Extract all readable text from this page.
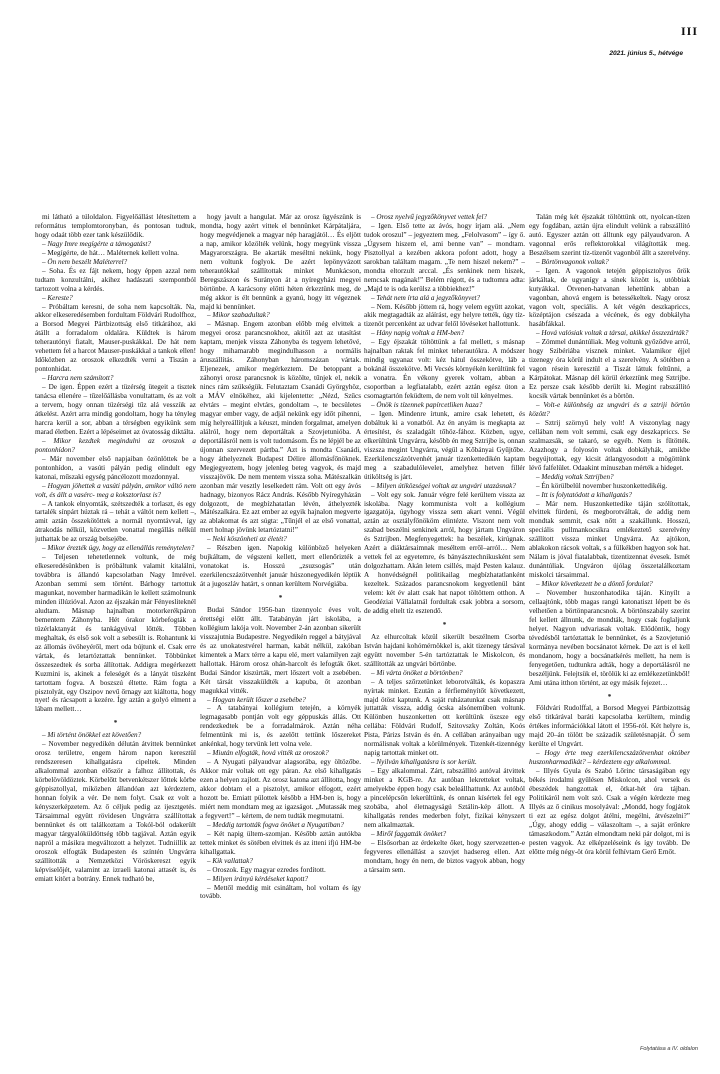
III
2021. június 5., hétvége

mi látható a túloldalon. Figyelőállást létesítettem a református templomtoronyban, és pontosan tudtuk, hogy odaát több ezer tank készülődik.

– Nagy Imre megígérte a támogatást?

– Megígérte, de hát… Maléternek kellett volna.

– Ön nem beszélt Maléterrel?

– Soha. És ez fájt nekem, hogy éppen azzal nem tudtam konzultálni, akihez hadászati szempontból tartozott volna a kérdés.

– Kereste?

– Próbáltam keresni, de soha nem kapcsolták. Na, akkor elkeseredésemben fordultam Földvári Rudolfhoz, a Borsod Megyei Pártbizottság első titkárához, aki átállt a forradalom oldalára. Küldtek is három teherautónyi fiatalt, Mauser-puskákkal. De hát nem vehettem fel a harcot Mauser-puskákkal a tankok ellen! Időközben az oroszok elkezdték verni a Tiszán a pontonhidat.

– Harcra nem számított?

– De igen. Éppen ezért a tüzérség ütegeit a tisztek tanácsa ellenére – tűzelőállásba vonultattam, és az volt a tervem, hogy onnan tüzérségi tűz alá vesszük az átkelést. Azért arra mindig gondoltam, hogy ha tényleg harcra kerül a sor, abban a térségben egyikünk sem marad életben. Ezért a lépéseimet az óvatosság diktálta.

– Mikor kezdtek megindulni az oroszok a pontonhídon?

– Már november első napjaiban özönlöttek be a pontonhídon, a vasúti pályán pedig elindult egy katonai, műszaki egység páncélozott mozdonnyal.

– Hogyan jöhettek a vasúti pályán, amikor váltó nem volt, és állt a vasérc- meg a koksztorlasz is?

– A tankok elnyomták, szétszedték a torlaszt, és egy tartalék sínpárt húztak rá – tehát a váltót nem kellett –, amit aztán összekötöttek a normál nyomtávval, így átrakodás nélkül, közvetlen vonattal megállás nélkül juthattak be az ország belsejébe.

– Mikor érezték úgy, hogy az ellenállás reménytelen?

– Teljesen tehetetlennek voltunk, de még elkeseredésünkben is próbáltunk valamit kitalálni, továbbra is állandó kapcsolatban Nagy Imrével. Azonban semmi sem történt. Bárhogy tartottuk magunkat, november harmadikán le kellett számolnunk minden illúzióval. Azon az éjszakán már Fényesliteknél aludtam. Másnap hajnalban motorkerékpáron bementem Záhonyba. Hét órakor körbefogták a tüzérlaktanyát és tankágyúval lőtték. Többen meghaltak, és első sok volt a sebesült is. Rohantunk ki az állomás övöheyéről, mert oda bújtunk el. Csak erre vártak, és letartóztattak bennünket. Többünket összeszedtek és sorba állítottak. Addigra megérkezett Kuzmini is, akinek a feleségét és a lányát tüszként tartottam fogva. A boszszú éltette. Rám fogta a pisztolyát, egy Oszipov nevű őrnagy azt kiáltotta, hogy nyet! és rácsapott a kezére. Így aztán a golyó elment a lábam mellett…

*

– Mi történt önökkel ezt követően?

– November negyedikén délután átvittek bennünket orosz területre, engem három napon keresztül rendszeresen kihallgatásra cipeltek. Minden alkalommal azonban először a falhoz állítottak, és körbelövöldöztek. Körbelőtt betvenkétszer lőttek körbe géppisztollyal, miközben állandóan azt kérdeztem, honnan folyik a vér. De nem folyt. Csak ez volt a kényszerképzetem. Az ő céljuk pedig az ijesztgetés. Társaimmal együtt rövidesen Ungvárra szállítottak bennünket és ott találkoztam a Tokól-ból odakerült magyar tárgyalóküldöttség tőbb tagjával. Aztán egyik napról a másikra megváltozott a helyzet. Tudniillik az oroszok elfogták Budapesten és színtén Ungvárra szállították a Nemzetközi Vöröskereszt egyik képviselőjét, valamint az izraeli katonai attasét is, és emiatt kitört a botrány. Ennek tudható be,

hogy javult a hangulat. Már az orosz ügyészünk is mondta, hogy azért vittek el bennünket Kárpátaljára, hogy megvédjenek a magyar nép haragjától… És eljött a nap, amikor közölték velünk, hogy megyünk vissza Magyarországra. Be akarták meséltni nekünk, hogy nem voltunk foglyok. De azért lepönyvázott teherautókkal szállítottak minket Munkácson, Beregszászon és Surányon át a nyíregyházi megyei börtönbe. A karácsony előtti héten érkeztünk meg, de még akkor is élt bennünk a gyanú, hogy itt végeznek majd ki bennünket.

– Mikor szabadultak?

– Másnap. Engem azonban előbb még elvittek a megyei orosz parancsnokhoz, akitől azt az utasítást kaptam, menjek vissza Záhonyba és tegyem lehetővé, hogy mihamarabb megindulhasson a normális áruszállítás. Záhonyban háromszázan vártak. Eljenezek, amikor megérkeztem. De betoppant a záhonyi orosz parancsnok is közölte, tűnjek el, nekik nincs rám szükségük. Felutaztam Csanádi Györgyhöz, a MÁV elnökéhez, aki kijelentette: „Nézd, Szűcs elvtárs – megint elvtárs, gondoltam –, te becsületes magyar ember vagy, de adjál nekünk egy időt pihenni, míg helyreállítjuk a kéuszt, minden forgalmat, amelyen alálról, hogy nem deportáltak a Szovjetunióba. A deportálásról nem is volt tudomásom. És ne lépjél be az újonnan szervezett pártba.” Azt is mondta Csanádi, hogy áthelyeznek Budapest Délire állomásfőnöknek. Megjegyeztem, hogy jelenleg beteg vagyok, és majd visszajövök. De nem mentem vissza soha. Mátészalkán azonban már vesztly leselkedett rám. Volt ott egy ávós hadnagy, bizonyos Rácz András. Később Nyíregyházán dolgozott, de megbízhatatlan lévén, áthelyezték Mátészalkára. Ez azt ember az egyik hajnalon megverte az ablakomat és azt súgta: „Tűnjél el az első vonattal, mert holnap jövünk letartóztatni!”

– Neki köszönheti az életét?

– Részben igen. Napokig különböző helyeken bujkáltam, de végszeni kellett, mert ellenőrizték a vonatokat is. Hosszú „zsuzsogás” után ezerkilencszázötvenhét január húszonegyedikén léptük át a jugoszláv határt, s onnan kerültem Norvégiába.

*

Budai Sándor 1956-ban tizennyolc éves volt, érettségi előtt állt. Tatabányán járt iskolába, a kollégium lakója volt. November 2-án azonban sikerült visszajutnia Budapestre. Negyedikén reggel a bátyjával és az unokatestvérel harman, kabát nélkül, zakóban kimentek a Marx térre a kapu elé, mert valamilyen zajt hallottak. Három orosz ohán-harcolt és lefogták őket. Budai Sándor kiszúrták, mert lőszert volt a zsebében. Két társát visszaküldték a kapuba, őt azonban magukkal vitték.

– Hogyan került lőszer a zsebébe?

– A tatabányai kollégium tetején, a környék legmagasabb pontján volt egy géppuskás állás. Ott rendezkedtek be a forradalmárok. Aztán néha felmentünk mi is, és azelőtt tettünk lőszereket ankénkal, hogy tervünk lett volna vele.

– Miután elfogták, hová vitték az oroszok?

– A Nyugati pályaudvar alagsorába, egy öltözőbe. Akkor már voltak ott egy páran. Az első kihallgatás ezen a helyen zajlott. Az orosz katona azt állította, hogy akkor dobtam el a pisztolyt, amikor elfogott, ezért hozott be. Emiatt pülottek később a HM-ben is, hogy miért nem mondtam meg az igazságot. „Mutassák meg a fegyvert!” – kértem, de nem tudták megmutatni.

– Meddig tartották fogva önöket a Nyugatiban?

– Két napig ültem-szomjan. Később aztán autókba tettek minket és sötében elvittek és az itteni ifjú HM-be kihallgattak.

– Kik vallattak?

– Oroszok. Egy magyar ezredes fordított.

– Milyen irányú kérdéseket kapott?

– Mettől meddig mit csináltam, hol voltam és így tovább.

– Orosz nyelvű jegyzőkönyvet vettek fel?

– Igen. Első tette az ávós, hogy írjam alá. „Nem tudok oroszul” – jegyeztem meg. „Felolvasom” – így ő. „Úgysem hiszem el, ami benne van” – mondtam. Pisztollyal a kezében akkora pofont adott, hogy a sarokban találtam magam. „Te nem hiszel nekem?” – mondta eltorzult arccal. „És senkinek nem hiszek, nemcsak magának!” Belém rúgott, és a tudtomra adta: „Majd te is oda kerülsz a többiekhez!”

– Tehát nem írta alá a jegyzőkönyvet?

– Nem. Később jöttem rá, hogy velem együtt azokat, akik megtagadták az aláírást, egy helyre tették, úgy tíz-tizenöt percenként az udvar felől lövéseket hallottunk.

– Hány napig voltak a HM-ben?

– Egy éjszakát töltöttünk a fal mellett, s másnap hajnalban raktak fel minket teherautókra. A módszer mindig ugyanaz volt: kéz hátul összekötve, láb a bokánál összekötve. Mi Vecsés környékén kerültünk fel a vonatra. Én vékony gyerek voltam, abban a csoportban a legfiatalabb, ezért aztán egész úton a csomagtartón feküdtem, de nem volt túl kényelmes.

– Önök is tízennek papírcetliken haza?

– Igen. Mindenre írtunk, amire csak lehetett, és dobáltuk ki a vonatból. Az én anyám is megkapta az értesítést, és szaladgált tőhöz-fához. Közben, ugye, elkerültünk Ungvárra, később én meg Sztrijbe is, onnan viszsza megint Ungvárra, végül a Kőbányai Gyűjtőbe. Ezerkilencszázötvenhét január tizenkettedikén kaptam meg a szabadulólevelet, amelyhez hetven fillér útiköltség is járt.

– Milyen útiközségei voltak az ungvári utazásnak?

– Volt egy sok. Január végre felé kerültem vissza az iskolába. Nagy kommunista volt a kollégium igazgatója, úgyhogy vissza sem akart venni. Végül aztán az osztályfőnököm elintézte. Viszont nem volt szabad beszélni senkinek arról, hogy jártam Ungváron és Sztrijben. Megfenyegettek: ha beszélek, kirúgnak. Azért a diáktársaimnak meséltem erről–arról… Nem vettek fel az egyetemre, és bányásztechnikusként sem dolgozhattam. Akán letem csillés, majd Pesten kalauz. A honvédségnél politikailag megbízhatatlanként kezeltek. Százados parancsnokom kegyetlenül bánt velem: két év alatt csak hat napot töltöttem otthon. A Geodéziai Vállalatnál fordultak csak jobbra a sorsom, de addig eltelt tíz esztendő.

*

Az elhurcoltak közül sikerült beszélnem Csorba István hajdani kohómérnökkel is, akit tizenegy társával együtt november 5-én tartóztattak le Miskolcon, és szállították az ungvári börtönbe.

– Mi várta önöket a börtönben?

– A teljes szőrzetünket leborotválták, és kopaszra nyírtak minket. Ezután a férfieményítőt következett, majd ötöst kaptunk. A saját ruházatunkat csak másnap juttatták vissza, addig ócska alsóneműben voltunk. Különben huszonketten ott kerültünk öszsze egy cellába: Földvári Rudolf, Szitovszky Zoltán, Koós Pista, Párizs István és én. A cellában arányaiban ugy normálisnak voltak a körülmények. Tizenkét-tizennégy napig tartottak minket ott.

– Nyilván kihallgatásra is sor került.

– Egy alkalommal. Zárt, rabszállító autóval átvittek minket a KGB-re. Az autóban lekretteket voltak, amelyekbe éppen hogy csak beleállhattunk. Az autóból a pincelépcsőn lekerültünk, és onnan kísértek fel egy szobába, ahol életnagyságú Sztálin-kép állott. A kihallgatás rendes mederben folyt, fizikai kényszert nem alkalmaztak.

– Miről faggatták önöket?

– Elsősorban az érdekelte őket, hogy szervezetten-e fegyveres ellenállást a szovjet hadsereg ellen. Azt mondtam, hogy én nem, de biztos vagyok abban, hogy a társaim sem.

Talán még két éjszakát töltöttünk ott, nyolcan-tízen egy fogdában, aztán újra elindult velünk a rabszállító autó. Egyszer aztán ott álltunk egy pályaudvaron. A vagonnal erős reflektorokkal világították meg. Beszélsem szerint tíz-tizenöt vagonból állt a szerelvény.

– Börtönvagonok voltak?

– Igen. A vagonok tetején géppisztolyos őrök járkáltak, de ugyanígy a sínek között is, utóbbiak kutyákkal. Ötvenen-hatvanan lehettünk abban a vagonban, ahová engem is betessékeltek. Nagy orosz vagon volt, speciális. A két végén deszkapriccs, középtájon csészada a vécének, és egy dobkályha hasábfákkal.

– Hová valósiak voltak a társai, akikkel összezárták?

– Zömmel dunántúliak. Meg voltunk győződve arról, hogy Szibériába visznek minket. Valamikor éjjel tizenegy óra körül indult el a szerelvény. A sötétben a vagon résein keresztül a Tiszát láttuk feltűnni, a Kárpátokat. Másnap dél körül érkeztünk meg Sztrijbe. Ez persze csak később derült ki. Megint rabszállító kocsik vártak bennünket és a börtön.

– Volt-e különbség az ungvári és a sztriji börtön között?

– Sztrij szörnyű hely volt! A viszonylag nagy cellában nem volt semmi, csak egy deszkapriccs. Se szalmazsák, se takaró, se egyéb. Nem is fűtötték. Azazhogy a folyosón voltak dobkályhák, amikbe begyújtottak, egy kicsit átlangyosodott a mögöttünk lévő falfelület. Odaakint mínuszban mérték a hideget.

– Meddig voltak Sztrijben?

– Én körülbelül november huszonkettedikéig.

– Itt is folytatódott a kihallgatás?

– Már nem. Huszonkettedike táján szólítottak, elvittek fürdeni, és megborotváltak, de addig nem mondtak semmit, csak nőtt a szakállunk. Hosszú, speciális pullmankocsikra emlékeztető szerelvény szállított vissza minket Ungvárra. Az ajtókon, ablakokon rácsok voltak, s a fülkékben hagyon sok hat. Nálam is jóval fiatalabbak, tizentizennat évesek. Ismét dunántúliak. Ungváron újólag összetalálkoztam miskolci társaimmal.

– Mikor következett be a döntő fordulat?

– November huszonhatodika táján. Kinyílt a cellaajtónk, több magas rangú katonatiszt lépett be és velhetően a börtönparancsnok. A börtönszabály szerint fel kellett állnunk, de mondták, hogy csak foglaljunk helyet. Nagyon udvariasak voltak. Elődöntik, hogy tévedésből tartóztattak le bennünket, és a Szovjetunió kormánya nevében bocsánatot kérnek. De azt is el kell mondanom, hogy a bocsánatkérés mellett, ha nem is fenyegetően, tudtunkra adták, hogy a deportálásról ne beszéljünk. Felejtsük el, törölük ki az emlékezetünkből! Ami utána itthon történt, az egy másik fejezet…

*

Földvári Rudolffal, a Borsod Megyei Pártbizottság első titkárával baráti kapcsolatba kerültem, mindig értékes információkkal látott el 1956-ról. Két helyre is, majd 20–án tölött be századik születésnapját. Ő sem kerülte el Ungvárt.

– Hogy érte meg ezerkilencszázötvenhat október huszonharmadikát? – kérdeztem egy alkalommal.

– Illyés Gyula és Szabó Lőrinc társaságában egy békés irodalmi gyűlésen Miskolcon, ahol versek és ébeszédek hangzottak el, ötkat-hét óra tájban. Politikáról nem volt szó. Csak a végén kérdezte meg Illyés az ő cinikus mosolyával: „Mondd, hogy fogjátok ti ezt az egész dolgot átélni, megélni, átvészelni?” „Úgy, ahogy eddig – válaszoltam –, a saját erőnkre támaszkodom.” Aztán elmondtam neki pár dolgot, mi is pesten vagyok. Az elképzeléseink és így tovább. De előtte még négy-öt óra körül felhívtam Gerő Ernőt.

Folytatása a IV. oldalon
